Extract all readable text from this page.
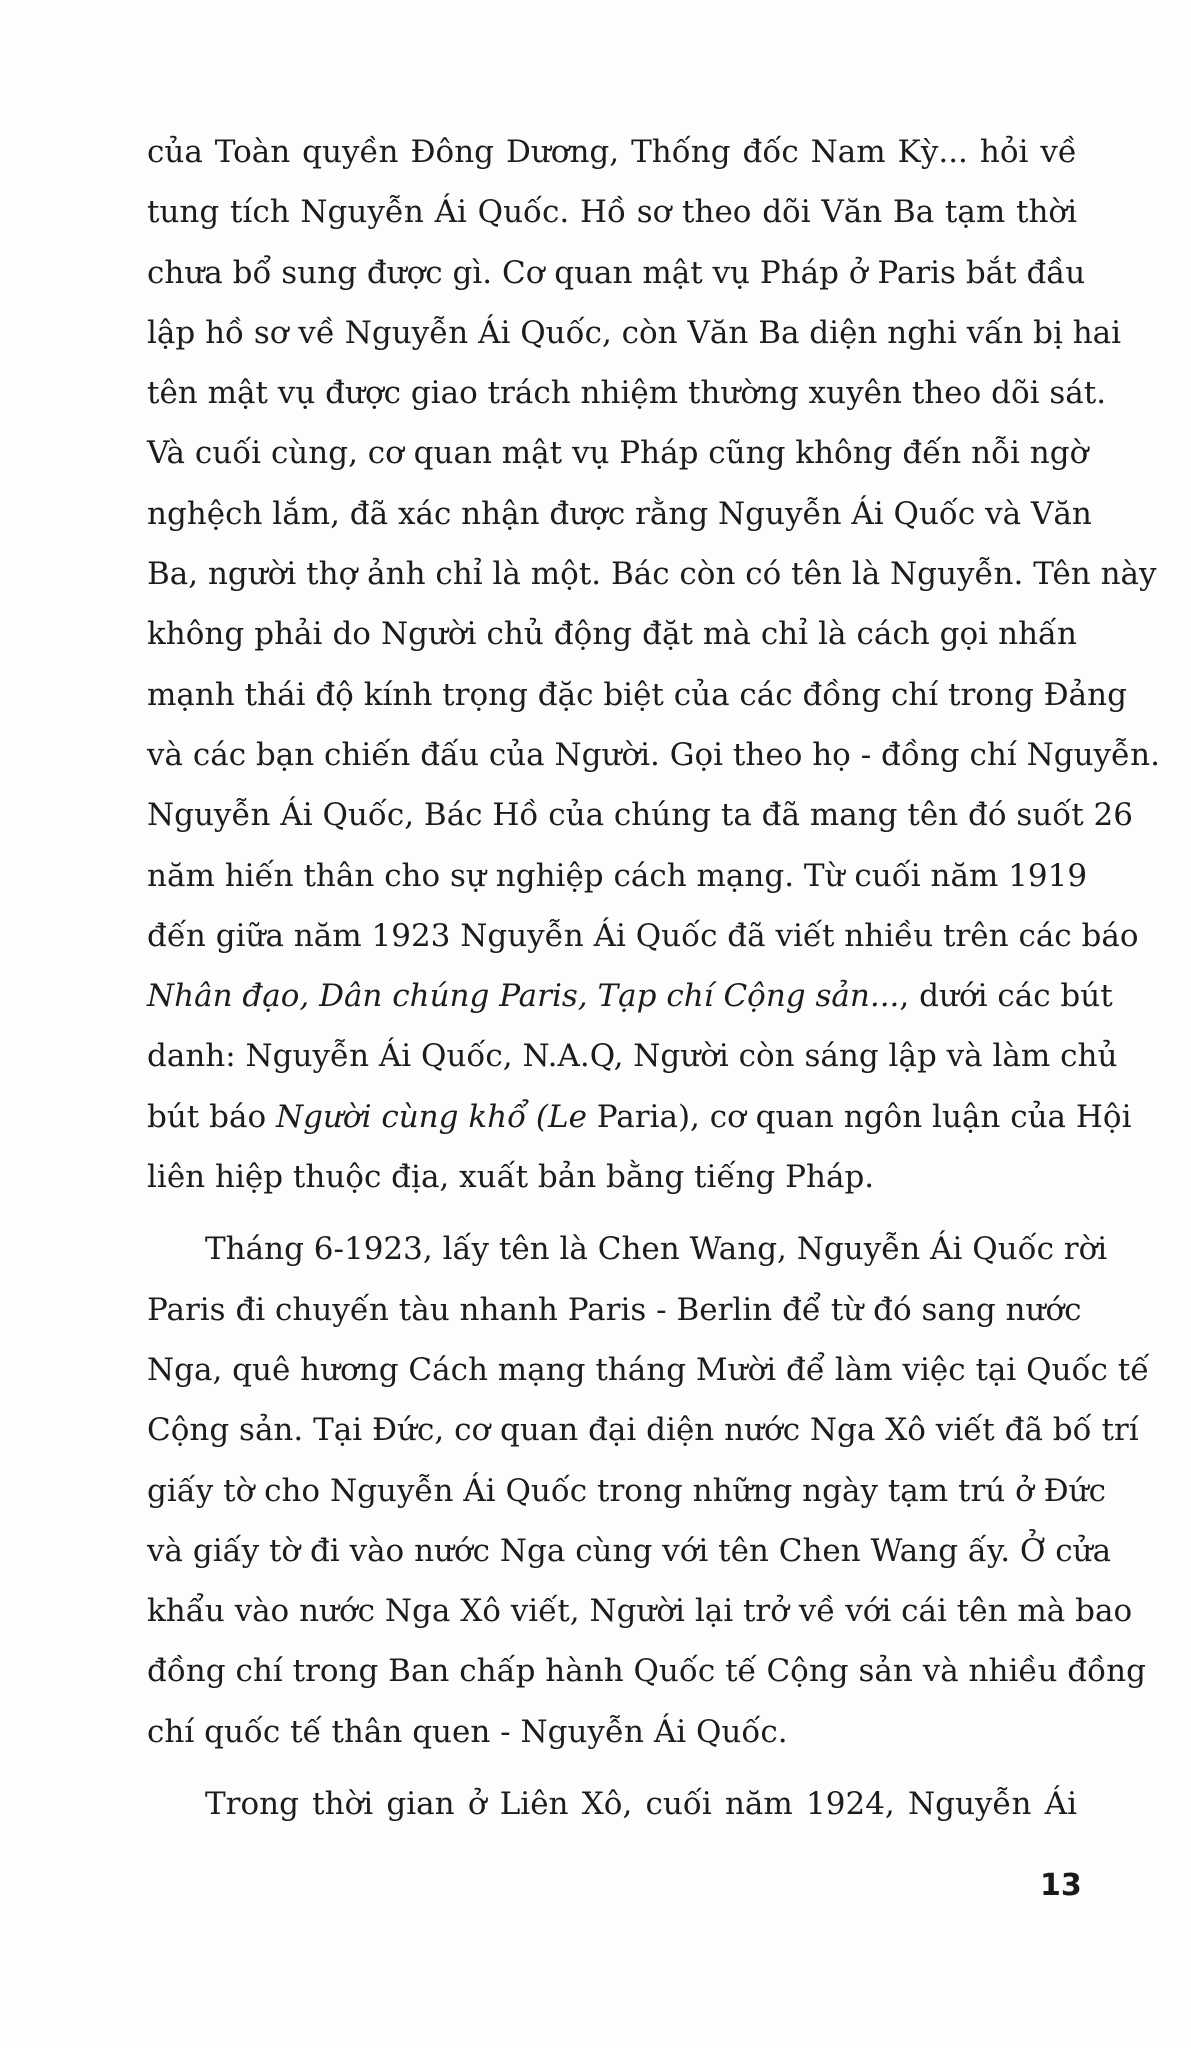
của Toàn quyền Đông Dương, Thống đốc Nam Kỳ... hỏi về
tung tích Nguyễn Ái Quốc. Hồ sơ theo dõi Văn Ba tạm thời
chưa bổ sung được gì. Cơ quan mật vụ Pháp ở Paris bắt đầu
lập hồ sơ về Nguyễn Ái Quốc, còn Văn Ba diện nghi vấn bị hai
tên mật vụ được giao trách nhiệm thường xuyên theo dõi sát.
Và cuối cùng, cơ quan mật vụ Pháp cũng không đến nỗi ngờ
nghệch lắm, đã xác nhận được rằng Nguyễn Ái Quốc và Văn
Ba, người thợ ảnh chỉ là một. Bác còn có tên là Nguyễn. Tên này
không phải do Người chủ động đặt mà chỉ là cách gọi nhấn
mạnh thái độ kính trọng đặc biệt của các đồng chí trong Đảng
và các bạn chiến đấu của Người. Gọi theo họ - đồng chí Nguyễn.
Nguyễn Ái Quốc, Bác Hồ của chúng ta đã mang tên đó suốt 26
năm hiến thân cho sự nghiệp cách mạng. Từ cuối năm 1919
đến giữa năm 1923 Nguyễn Ái Quốc đã viết nhiều trên các báo
Nhân đạo, Dân chúng Paris, Tạp chí Cộng sản..., dưới các bút
danh: Nguyễn Ái Quốc, N.A.Q, Người còn sáng lập và làm chủ
bút báo Người cùng khổ (Le Paria), cơ quan ngôn luận của Hội
liên hiệp thuộc địa, xuất bản bằng tiếng Pháp.
Tháng 6-1923, lấy tên là Chen Wang, Nguyễn Ái Quốc rời
Paris đi chuyến tàu nhanh Paris - Berlin để từ đó sang nước
Nga, quê hương Cách mạng tháng Mười để làm việc tại Quốc tế
Cộng sản. Tại Đức, cơ quan đại diện nước Nga Xô viết đã bố trí
giấy tờ cho Nguyễn Ái Quốc trong những ngày tạm trú ở Đức
và giấy tờ đi vào nước Nga cùng với tên Chen Wang ấy. Ở cửa
khẩu vào nước Nga Xô viết, Người lại trở về với cái tên mà bao
đồng chí trong Ban chấp hành Quốc tế Cộng sản và nhiều đồng
chí quốc tế thân quen - Nguyễn Ái Quốc.
Trong thời gian ở Liên Xô, cuối năm 1924, Nguyễn Ái
13
